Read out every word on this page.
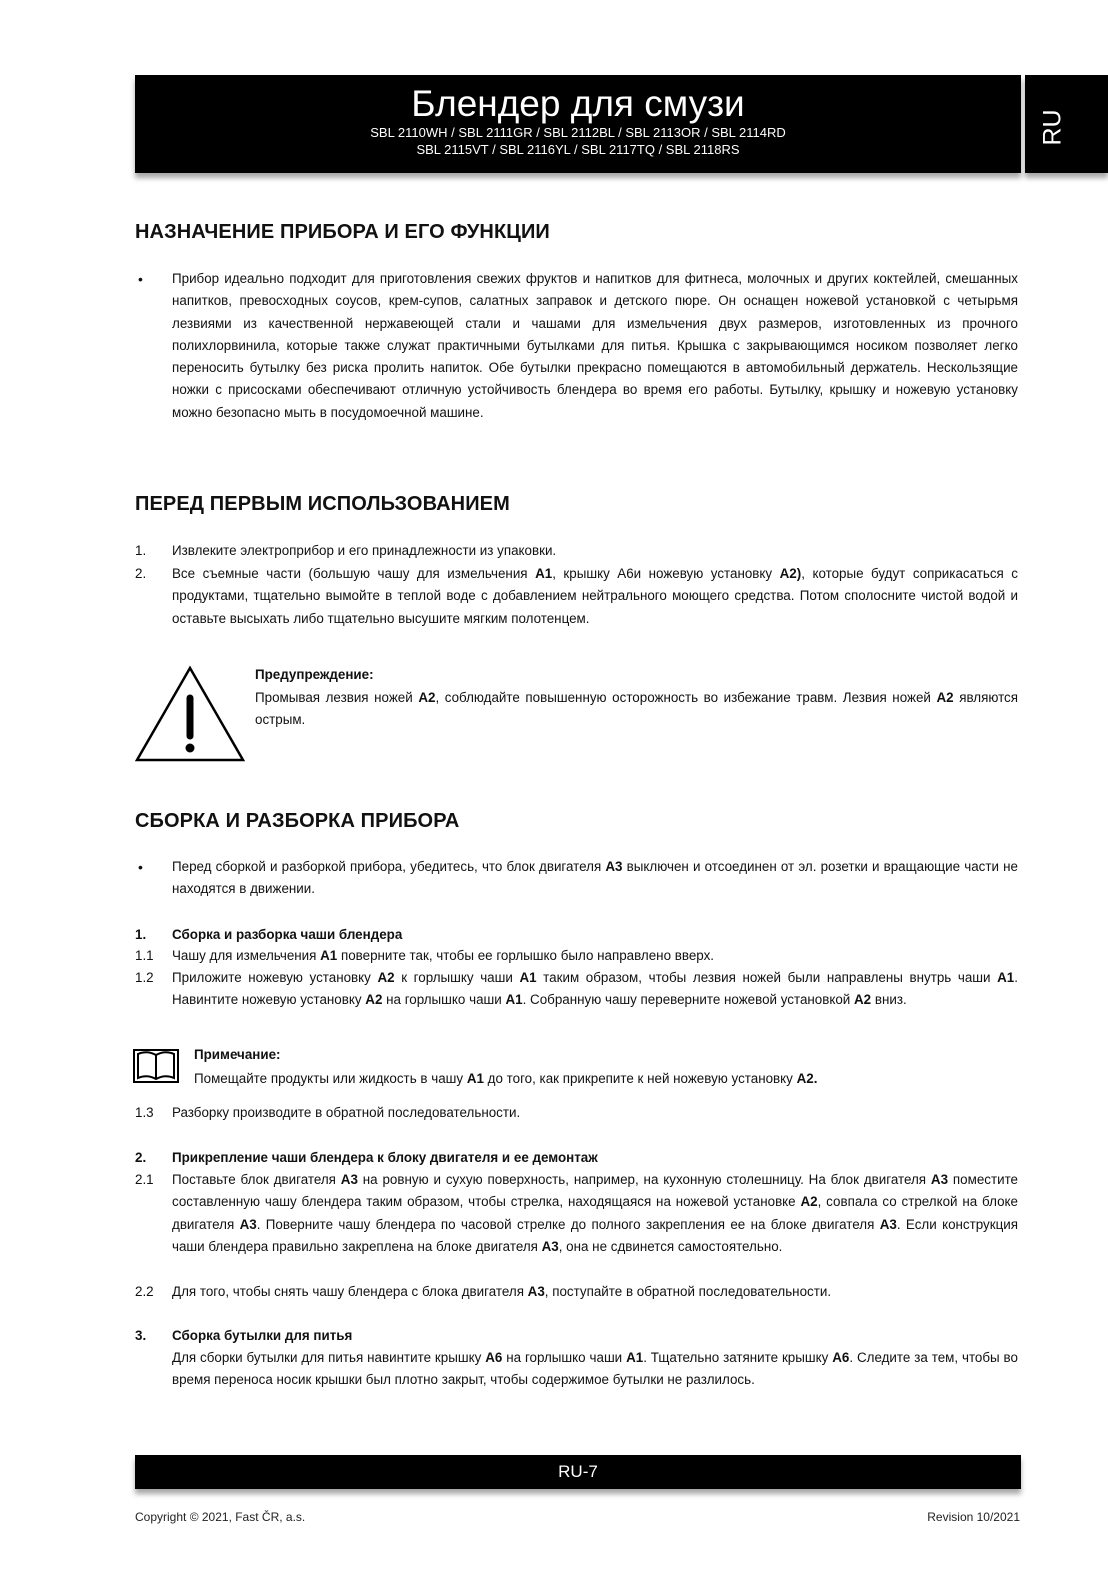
Блендер для смузи
SBL 2110WH / SBL 2111GR / SBL 2112BL / SBL 2113OR / SBL 2114RD
SBL 2115VT / SBL 2116YL / SBL 2117TQ / SBL 2118RS
RU
НАЗНАЧЕНИЕ ПРИБОРА И ЕГО ФУНКЦИИ
• Прибор идеально подходит для приготовления свежих фруктов и напитков для фитнеса, молочных и других коктейлей, смешанных напитков, превосходных соусов, крем-супов, салатных заправок и детского пюре. Он оснащен ножевой установкой с четырьмя лезвиями из качественной нержавеющей стали и чашами для измельчения двух размеров, изготовленных из прочного полихлорвинила, которые также служат практичными бутылками для питья. Крышка с закрывающимся носиком позволяет легко переносить бутылку без риска пролить напиток. Обе бутылки прекрасно помещаются в автомобильный держатель. Нескользящие ножки с присосками обеспечивают отличную устойчивость блендера во время его работы. Бутылку, крышку и ножевую установку можно безопасно мыть в посудомоечной машине.
ПЕРЕД ПЕРВЫМ ИСПОЛЬЗОВАНИЕМ
1. Извлеките электроприбор и его принадлежности из упаковки.
2. Все съемные части (большую чашу для измельчения A1, крышку А6и ножевую установку A2), которые будут соприкасаться с продуктами, тщательно вымойте в теплой воде с добавлением нейтрального моющего средства. Потом сполосните чистой водой и оставьте высыхать либо тщательно высушите мягким полотенцем.
Предупреждение:
Промывая лезвия ножей A2, соблюдайте повышенную осторожность во избежание травм. Лезвия ножей A2 являются острым.
СБОРКА И РАЗБОРКА ПРИБОРА
• Перед сборкой и разборкой прибора, убедитесь, что блок двигателя A3 выключен и отсоединен от эл. розетки и вращающие части не находятся в движении.
1. Сборка и разборка чаши блендера
1.1 Чашу для измельчения A1 поверните так, чтобы ее горлышко было направлено вверх.
1.2 Приложите ножевую установку A2 к горлышку чаши A1 таким образом, чтобы лезвия ножей были направлены внутрь чаши A1. Навинтите ножевую установку A2 на горлышко чаши A1. Собранную чашу переверните ножевой установкой A2 вниз.
Примечание:
Помещайте продукты или жидкость в чашу A1 до того, как прикрепите к ней ножевую установку A2.
1.3 Разборку производите в обратной последовательности.
2. Прикрепление чаши блендера к блоку двигателя и ее демонтаж
2.1 Поставьте блок двигателя A3 на ровную и сухую поверхность, например, на кухонную столешницу. На блок двигателя A3 поместите составленную чашу блендера таким образом, чтобы стрелка, находящаяся на ножевой установке A2, совпала со стрелкой на блоке двигателя A3. Поверните чашу блендера по часовой стрелке до полного закрепления ее на блоке двигателя A3. Если конструкция чаши блендера правильно закреплена на блоке двигателя A3, она не сдвинется самостоятельно.
2.2 Для того, чтобы снять чашу блендера с блока двигателя A3, поступайте в обратной последовательности.
3. Сборка бутылки для питья
Для сборки бутылки для питья навинтите крышку A6 на горлышко чаши A1. Тщательно затяните крышку A6. Следите за тем, чтобы во время переноса носик крышки был плотно закрыт, чтобы содержимое бутылки не разлилось.
RU-7
Copyright © 2021, Fast ČR, a.s.	Revision 10/2021
